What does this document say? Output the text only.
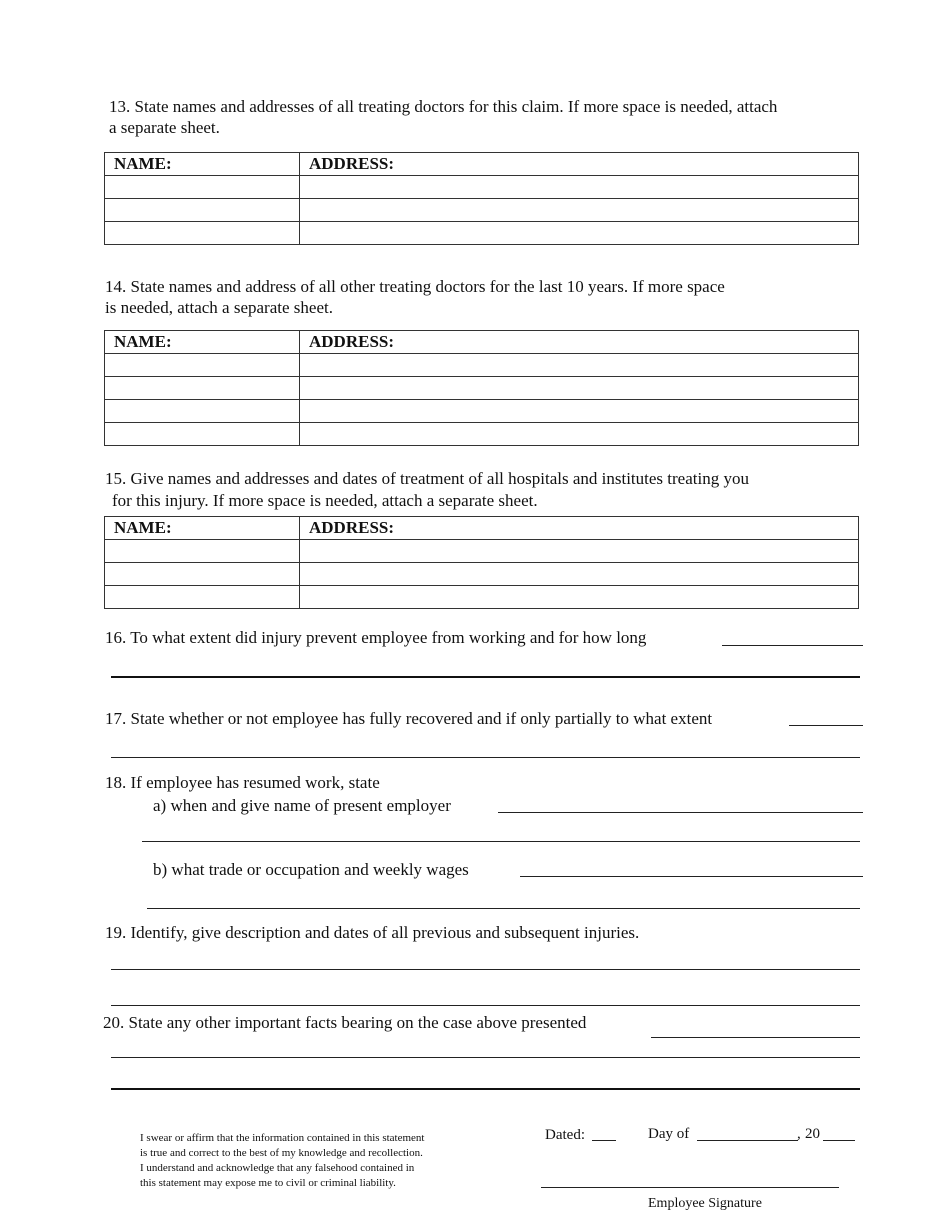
13. State names and addresses of all treating doctors for this claim. If more space is needed, attach
a separate sheet.
NAME:	ADDRESS:

14. State names and address of all other treating doctors for the last 10 years. If more space
is needed, attach a separate sheet.
NAME:	ADDRESS:

15. Give names and addresses and dates of treatment of all hospitals and institutes treating you
for this injury. If more space is needed, attach a separate sheet.
NAME:	ADDRESS:

16. To what extent did injury prevent employee from working and for how long
17. State whether or not employee has fully recovered and if only partially to what extent
18. If employee has resumed work, state
a) when and give name of present employer
b) what trade or occupation and weekly wages
19. Identify, give description and dates of all previous and subsequent injuries.
20. State any other important facts bearing on the case above presented
I swear or affirm that the information contained in this statement
is true and correct to the best of my knowledge and recollection.
I understand and acknowledge that any falsehood contained in
this statement may expose me to civil or criminal liability.
Dated:	Day of	, 20
Employee Signature
